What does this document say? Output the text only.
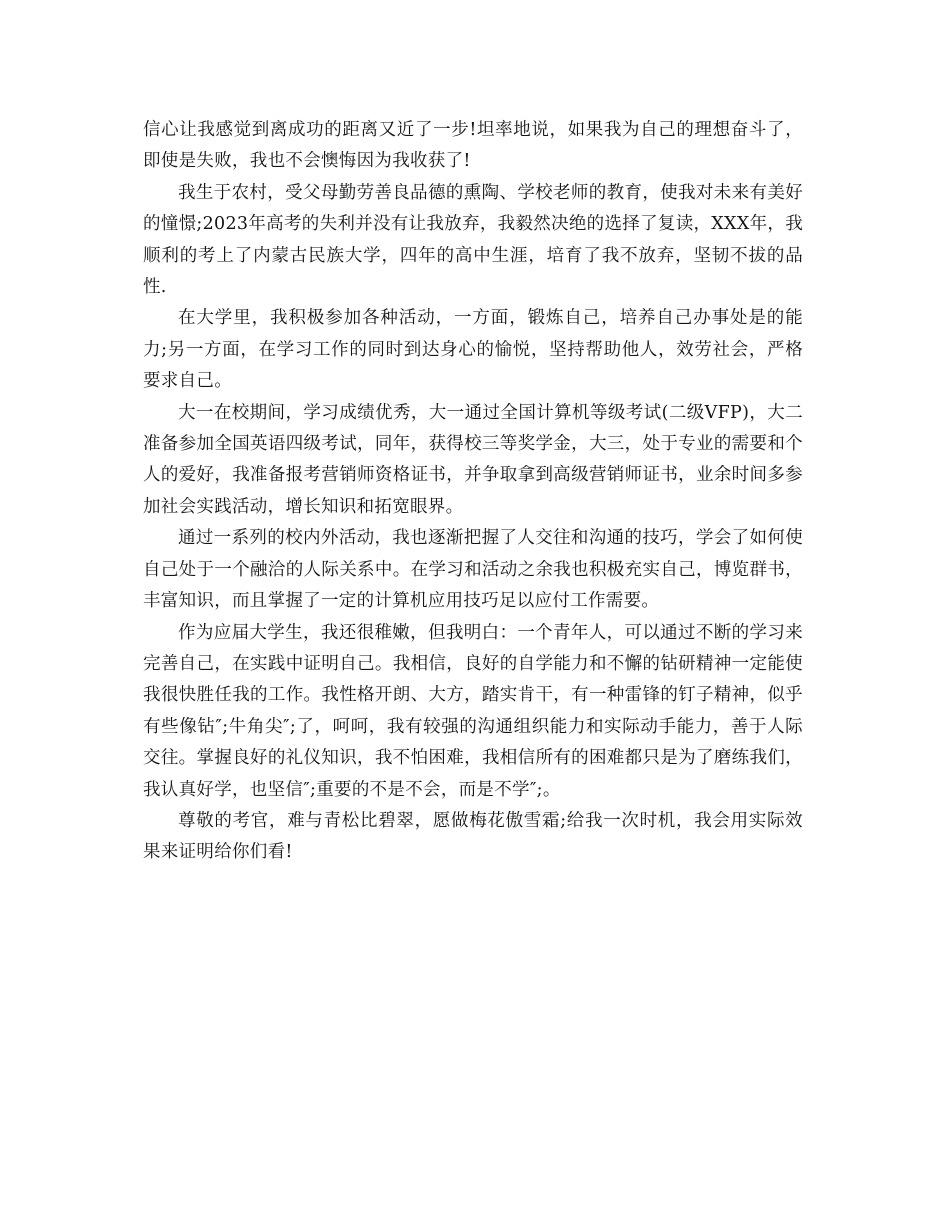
信心让我感觉到离成功的距离又近了一步!坦率地说，如果我为自己的理想奋斗了，即使是失败，我也不会懊悔因为我收获了!

我生于农村，受父母勤劳善良品德的熏陶、学校老师的教育，使我对未来有美好的憧憬;2023年高考的失利并没有让我放弃，我毅然决绝的选择了复读，XXX年，我顺利的考上了内蒙古民族大学，四年的高中生涯，培育了我不放弃，坚韧不拔的品性.

在大学里，我积极参加各种活动，一方面，锻炼自己，培养自己办事处是的能力;另一方面，在学习工作的同时到达身心的愉悦，坚持帮助他人，效劳社会，严格要求自己。

大一在校期间，学习成绩优秀，大一通过全国计算机等级考试(二级VFP)，大二准备参加全国英语四级考试，同年，获得校三等奖学金，大三，处于专业的需要和个人的爱好，我准备报考营销师资格证书，并争取拿到高级营销师证书，业余时间多参加社会实践活动，增长知识和拓宽眼界。

通过一系列的校内外活动，我也逐渐把握了人交往和沟通的技巧，学会了如何使自己处于一个融洽的人际关系中。在学习和活动之余我也积极充实自己，博览群书，丰富知识，而且掌握了一定的计算机应用技巧足以应付工作需要。

作为应届大学生，我还很稚嫩，但我明白：一个青年人，可以通过不断的学习来完善自己，在实践中证明自己。我相信，良好的自学能力和不懈的钻研精神一定能使我很快胜任我的工作。我性格开朗、大方，踏实肯干，有一种雷锋的钉子精神，似乎有些像钻″;牛角尖″;了，呵呵，我有较强的沟通组织能力和实际动手能力，善于人际交往。掌握良好的礼仪知识，我不怕困难，我相信所有的困难都只是为了磨练我们，我认真好学，也坚信″;重要的不是不会，而是不学″;。

尊敬的考官，难与青松比碧翠，愿做梅花傲雪霜;给我一次时机，我会用实际效果来证明给你们看!
